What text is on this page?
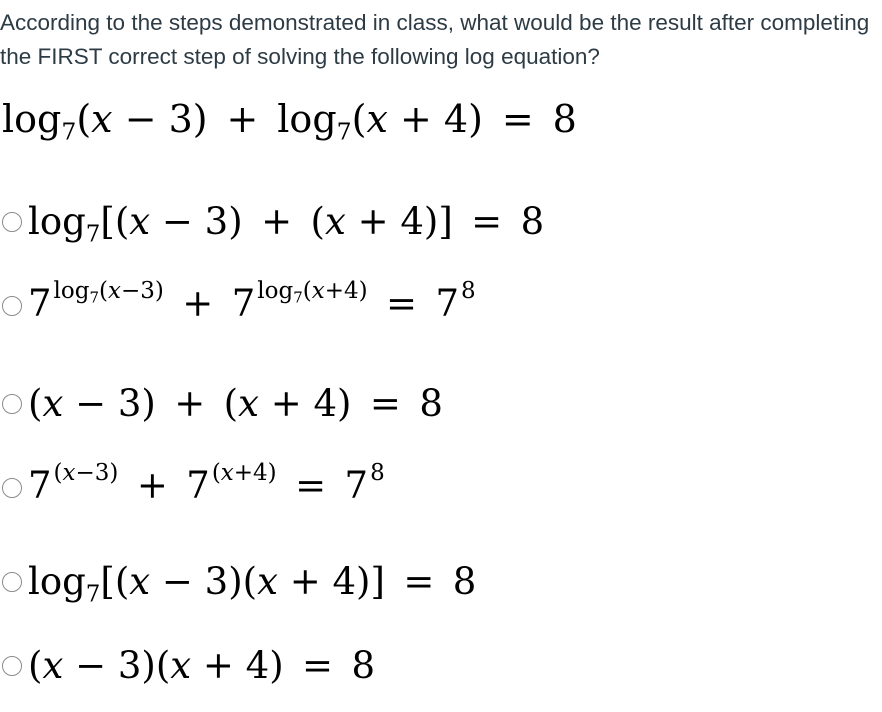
According to the steps demonstrated in class, what would be the result after completing the FIRST correct step of solving the following log equation?

$\log_7(x - 3) + \log_7(x + 4) = 8$
$\log_7[(x - 3) + (x + 4)] = 8$
$7^{log_7(x-3)} + 7^{log_7(x+4)} = 7^8$
(x − 3) + (x + 4) = 8
$7^{(x-3)} + 7^{(x+4)} = 7^8$
$\log_7[(x - 3)(x + 4)] = 8$
(x − 3)(x + 4) = 8
